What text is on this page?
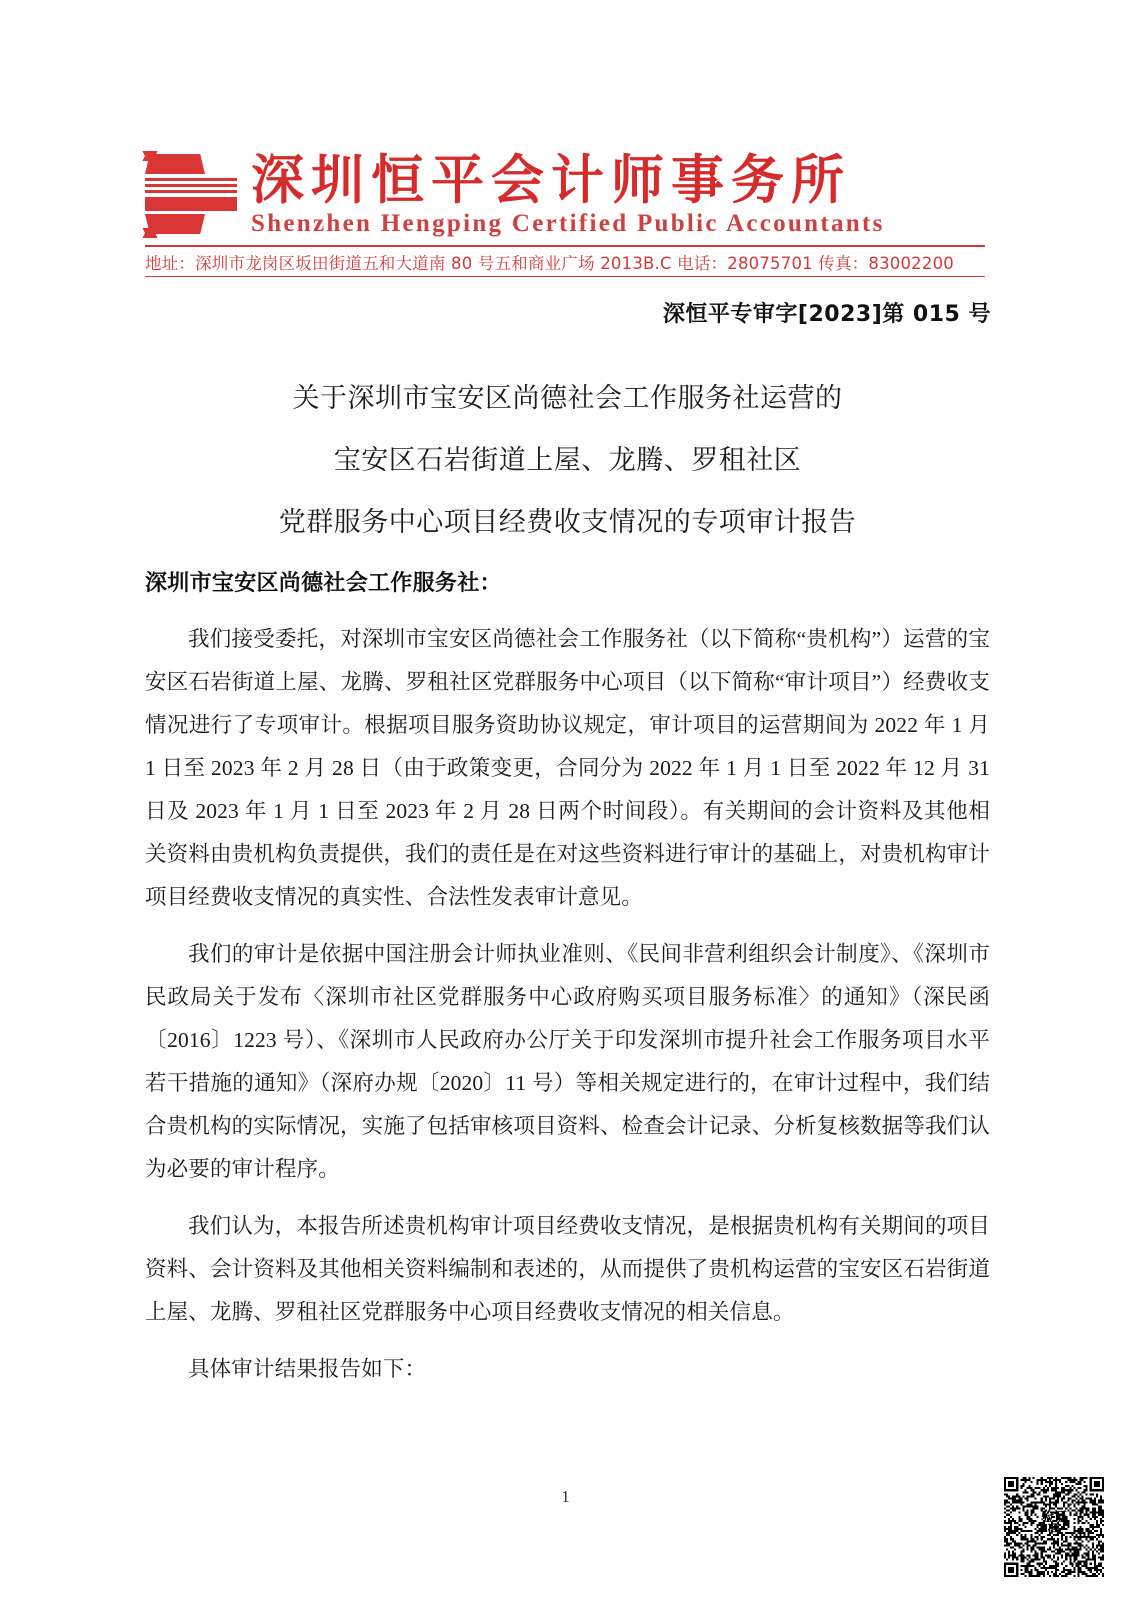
深圳恒平会计师事务所
Shenzhen Hengping Certified Public Accountants
地址：深圳市龙岗区坂田街道五和大道南 80 号五和商业广场 2013B.C 电话：28075701 传真：83002200
深恒平专审字[2023]第 015 号
关于深圳市宝安区尚德社会工作服务社运营的
宝安区石岩街道上屋、龙腾、罗租社区
党群服务中心项目经费收支情况的专项审计报告
深圳市宝安区尚德社会工作服务社：

我们接受委托，对深圳市宝安区尚德社会工作服务社（以下简称“贵机构”）运营的宝安区石岩街道上屋、龙腾、罗租社区党群服务中心项目（以下简称“审计项目”）经费收支情况进行了专项审计。根据项目服务资助协议规定，审计项目的运营期间为 2022 年 1 月 1 日至 2023 年 2 月 28 日（由于政策变更，合同分为 2022 年 1 月 1 日至 2022 年 12 月 31 日及 2023 年 1 月 1 日至 2023 年 2 月 28 日两个时间段）。有关期间的会计资料及其他相关资料由贵机构负责提供，我们的责任是在对这些资料进行审计的基础上，对贵机构审计项目经费收支情况的真实性、合法性发表审计意见。

我们的审计是依据中国注册会计师执业准则、《民间非营利组织会计制度》、《深圳市民政局关于发布〈深圳市社区党群服务中心政府购买项目服务标准〉的通知》（深民函〔2016〕1223 号）、《深圳市人民政府办公厅关于印发深圳市提升社会工作服务项目水平若干措施的通知》（深府办规〔2020〕11 号）等相关规定进行的，在审计过程中，我们结合贵机构的实际情况，实施了包括审核项目资料、检查会计记录、分析复核数据等我们认为必要的审计程序。

我们认为，本报告所述贵机构审计项目经费收支情况，是根据贵机构有关期间的项目资料、会计资料及其他相关资料编制和表述的，从而提供了贵机构运营的宝安区石岩街道上屋、龙腾、罗租社区党群服务中心项目经费收支情况的相关信息。

具体审计结果报告如下：

1
验证
码
